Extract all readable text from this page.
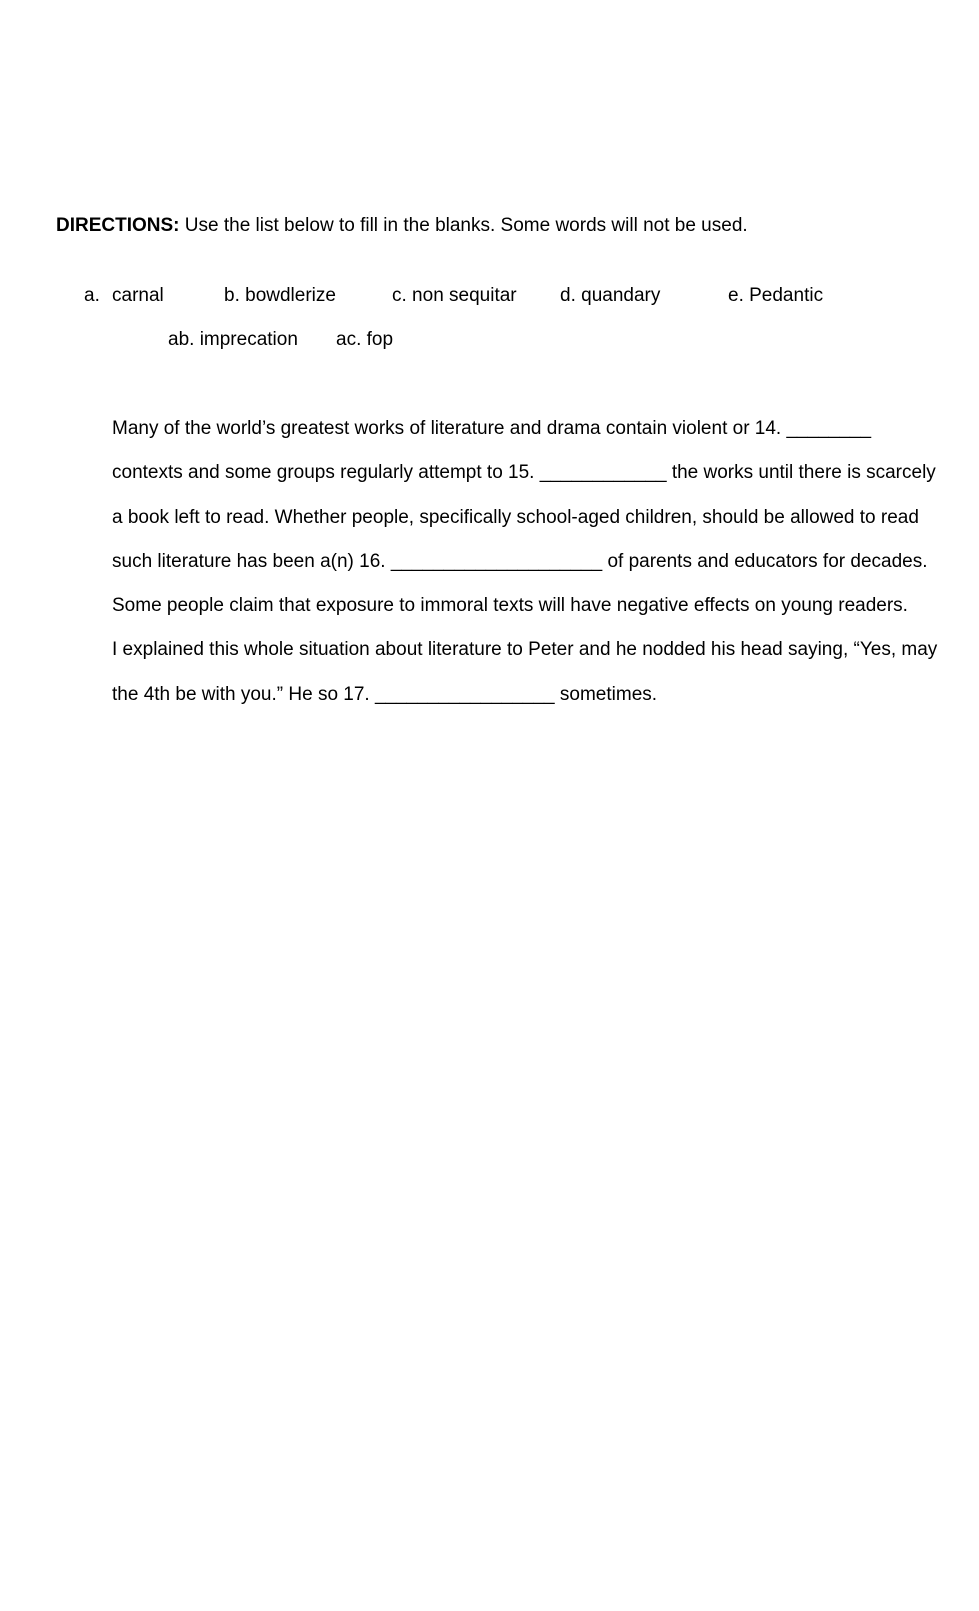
DIRECTIONS: Use the list below to fill in the blanks. Some words will not be used.
a. carnal	b. bowdlerize	c. non sequitar d. quandary	e. Pedantic
ab. imprecation ac. fop
Many of the world’s greatest works of literature and drama contain violent or 14. ________
contexts and some groups regularly attempt to 15. ____________ the works until there is scarcely
a book left to read. Whether people, specifically school-aged children, should be allowed to read
such literature has been a(n) 16. ____________________ of parents and educators for decades.
Some people claim that exposure to immoral texts will have negative effects on young readers.
I explained this whole situation about literature to Peter and he nodded his head saying, “Yes, may
the 4th be with you.” He so 17. _________________ sometimes.
